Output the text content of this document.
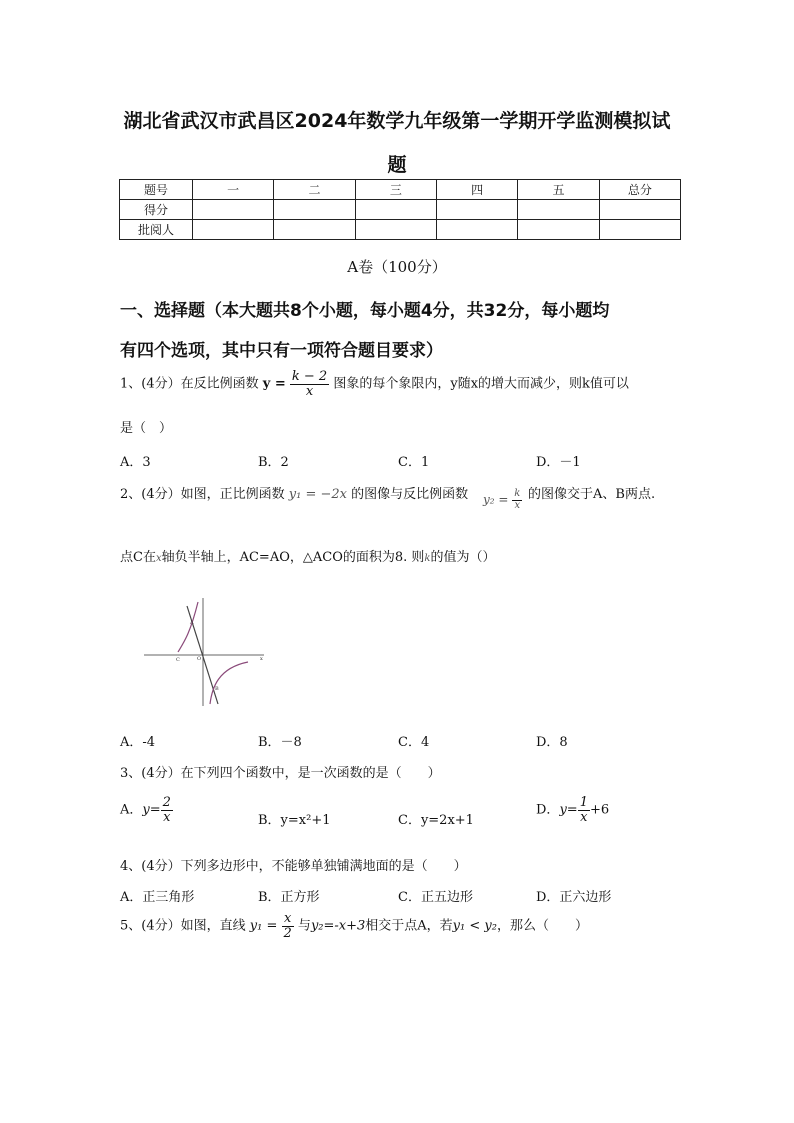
湖北省武汉市武昌区2024年数学九年级第一学期开学监测模拟试
题
题号	一	二	三	四	五	总分
得分						
批阅人						
A卷（100分）
一、选择题（本大题共8个小题，每小题4分，共32分，每小题均
有四个选项，其中只有一项符合题目要求）
1、(4分）在反比例函数 $y = \frac{k - 2}{x}$ 图象的每个象限内，y随x的增大而减少，则k值可以
是（　）
A．3	B．2	C．1	D．－1
2、(4分）如图，正比例函数 y₁ = −2x 的图像与反比例函数 $y_2 = \frac{k}{x}$ 的图像交于A、B两点.
点C在x轴负半轴上，AC=AO，△ACO的面积为8. 则k的值为（）
A
C	O
B
x
A．-4	B．－8	C．4	D．8
3、(4分）在下列四个函数中，是一次函数的是（　　）
A．$y= \frac{2}{x}$	B．y=x²+1	C．y=2x+1
D．$y= \frac{1}{x} +6$
4、(4分）下列多边形中，不能够单独铺满地面的是（　　）
A．正三角形	B．正方形	C．正五边形	D．正六边形
5、(4分）如图，直线 $y_1 = \frac{x}{2}$ 与y₂=-x+3相交于点A，若y₁ < y₂，那么（　　）
